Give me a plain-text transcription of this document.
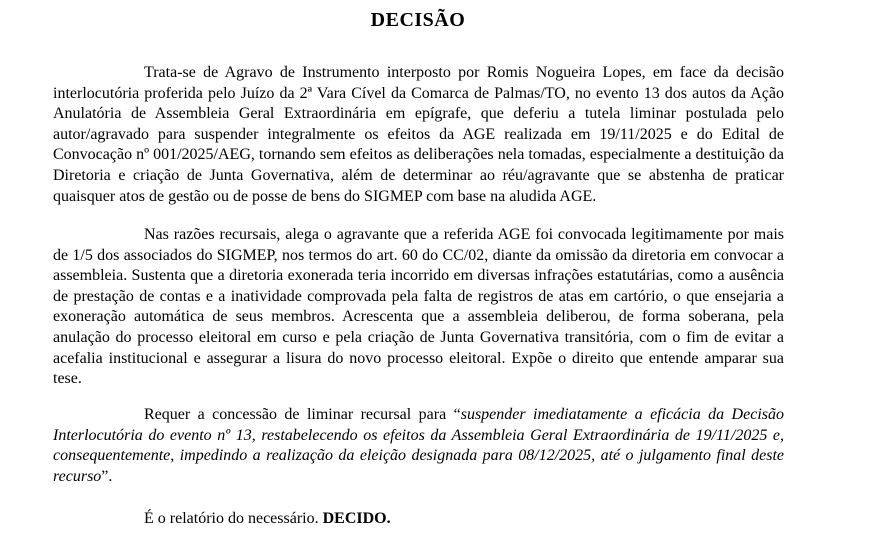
DECISÃO

Trata-se de Agravo de Instrumento interposto por Romis Nogueira Lopes, em face da decisão interlocutória proferida pelo Juízo da 2ª Vara Cível da Comarca de Palmas/TO, no evento 13 dos autos da Ação Anulatória de Assembleia Geral Extraordinária em epígrafe, que deferiu a tutela liminar postulada pelo autor/agravado para suspender integralmente os efeitos da AGE realizada em 19/11/2025 e do Edital de Convocação nº 001/2025/AEG, tornando sem efeitos as deliberações nela tomadas, especialmente a destituição da Diretoria e criação de Junta Governativa, além de determinar ao réu/agravante que se abstenha de praticar quaisquer atos de gestão ou de posse de bens do SIGMEP com base na aludida AGE.

Nas razões recursais, alega o agravante que a referida AGE foi convocada legitimamente por mais de 1/5 dos associados do SIGMEP, nos termos do art. 60 do CC/02, diante da omissão da diretoria em convocar a assembleia. Sustenta que a diretoria exonerada teria incorrido em diversas infrações estatutárias, como a ausência de prestação de contas e a inatividade comprovada pela falta de registros de atas em cartório, o que ensejaria a exoneração automática de seus membros. Acrescenta que a assembleia deliberou, de forma soberana, pela anulação do processo eleitoral em curso e pela criação de Junta Governativa transitória, com o fim de evitar a acefalia institucional e assegurar a lisura do novo processo eleitoral. Expõe o direito que entende amparar sua tese.

Requer a concessão de liminar recursal para “suspender imediatamente a eficácia da Decisão Interlocutória do evento nº 13, restabelecendo os efeitos da Assembleia Geral Extraordinária de 19/11/2025 e, consequentemente, impedindo a realização da eleição designada para 08/12/2025, até o julgamento final deste recurso”.

É o relatório do necessário. DECIDO.
